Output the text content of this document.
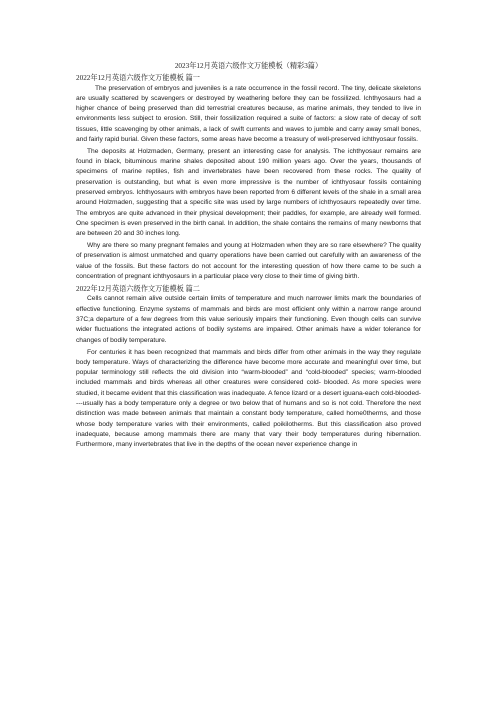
2023年12月英语六级作文万能模板（精彩3篇）
2022年12月英语六级作文万能模板 篇一

The preservation of embryos and juveniles is a rate occurrence in the fossil record. The tiny, delicate skeletons are usually scattered by scavengers or destroyed by weathering before they can be fossilized. Ichthyosaurs had a higher chance of being preserved than did terrestrial creatures because, as marine animals, they tended to live in environments less subject to erosion. Still, their fossilization required a suite of factors: a slow rate of decay of soft tissues, little scavenging by other animals, a lack of swift currents and waves to jumble and carry away small bones, and fairly rapid burial. Given these factors, some areas have become a treasury of well-preserved ichthyosaur fossils.

The deposits at Holzmaden, Germany, present an interesting case for analysis. The ichthyosaur remains are found in black, bituminous marine shales deposited about 190 million years ago. Over the years, thousands of specimens of marine reptiles, fish and invertebrates have been recovered from these rocks. The quality of preservation is outstanding, but what is even more impressive is the number of ichthyosaur fossils containing preserved embryos. Ichthyosaurs with embryos have been reported from 6 different levels of the shale in a small area around Holzmaden, suggesting that a specific site was used by large numbers of ichthyosaurs repeatedly over time. The embryos are quite advanced in their physical development; their paddles, for example, are already well formed. One specimen is even preserved in the birth canal. In addition, the shale contains the remains of many newborns that are between 20 and 30 inches long.

Why are there so many pregnant females and young at Holzmaden when they are so rare elsewhere? The quality of preservation is almost unmatched and quarry operations have been carried out carefully with an awareness of the value of the fossils. But these factors do not account for the interesting question of how there came to be such a concentration of pregnant ichthyosaurs in a particular place very close to their time of giving birth.

2022年12月英语六级作文万能模板 篇二

Cells cannot remain alive outside certain limits of temperature and much narrower limits mark the boundaries of effective functioning. Enzyme systems of mammals and birds are most efficient only within a narrow range around 37C;a departure of a few degrees from this value seriously impairs their functioning. Even though cells can survive wider fluctuations the integrated actions of bodily systems are impaired. Other animals have a wider tolerance for changes of bodily temperature.

For centuries it has been recognized that mammals and birds differ from other animals in the way they regulate body temperature. Ways of characterizing the difference have become more accurate and meaningful over time, but popular terminology still reflects the old division into “warm-blooded” and “cold-blooded” species; warm-blooded included mammals and birds whereas all other creatures were considered cold- blooded. As more species were studied, it became evident that this classification was inadequate. A fence lizard or a desert iguana-each cold-blooded----usually has a body temperature only a degree or two below that of humans and so is not cold. Therefore the next distinction was made between animals that maintain a constant body temperature, called home0therms, and those whose body temperature varies with their environments, called poikilotherms. But this classification also proved inadequate, because among mammals there are many that vary their body temperatures during hibernation. Furthermore, many invertebrates that live in the depths of the ocean never experience change in
